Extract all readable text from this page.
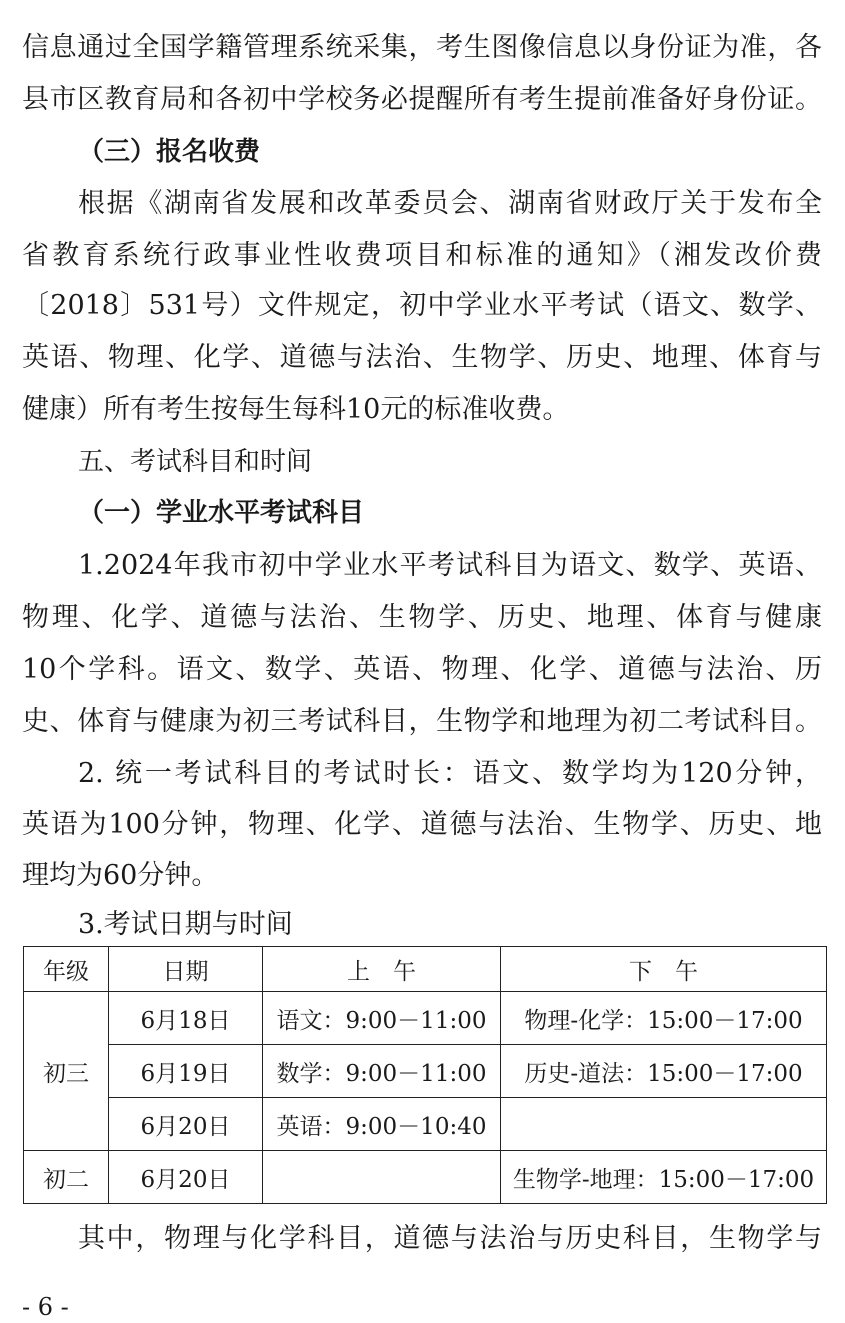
信息通过全国学籍管理系统采集，考生图像信息以身份证为准，各
县市区教育局和各初中学校务必提醒所有考生提前准备好身份证。
（三）报名收费
根据《湖南省发展和改革委员会、湖南省财政厅关于发布全
省教育系统行政事业性收费项目和标准的通知》（湘发改价费
〔2018〕531号）文件规定，初中学业水平考试（语文、数学、
英语、物理、化学、道德与法治、生物学、历史、地理、体育与
健康）所有考生按每生每科10元的标准收费。
五、考试科目和时间
（一）学业水平考试科目
1.2024年我市初中学业水平考试科目为语文、数学、英语、
物理、化学、道德与法治、生物学、历史、地理、体育与健康
10个学科。语文、数学、英语、物理、化学、道德与法治、历
史、体育与健康为初三考试科目，生物学和地理为初二考试科目。
2. 统一考试科目的考试时长：语文、数学均为120分钟，
英语为100分钟，物理、化学、道德与法治、生物学、历史、地
理均为60分钟。
3.考试日期与时间
年级	日期	上　午	下　午
初三	6月18日	语文：9:00－11:00	物理-化学：15:00－17:00
	6月19日	数学：9:00－11:00	历史-道法：15:00－17:00
	6月20日	英语：9:00－10:40	
初二	6月20日		生物学-地理：15:00－17:00
其中，物理与化学科目，道德与法治与历史科目，生物学与
- 6 -
